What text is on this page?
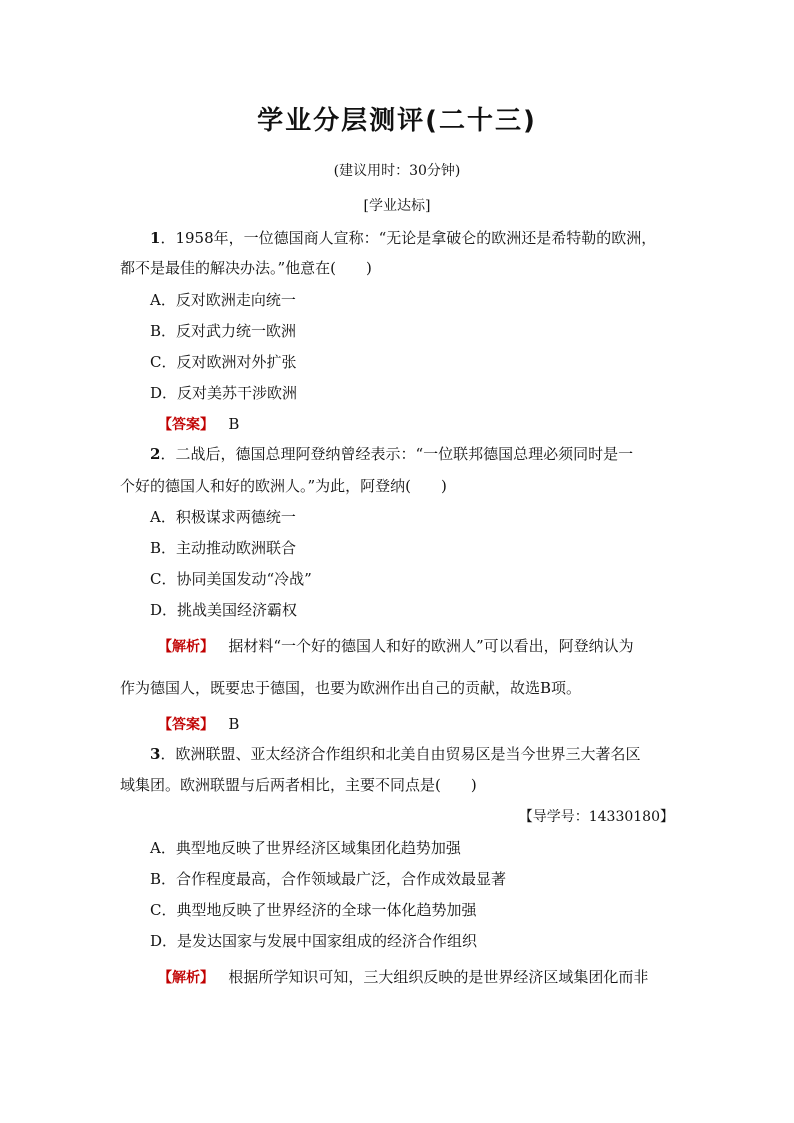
学业分层测评(二十三)
(建议用时：30分钟)
[学业达标]
1．1958年，一位德国商人宣称：“无论是拿破仑的欧洲还是希特勒的欧洲，
都不是最佳的解决办法。”他意在(　　)
A．反对欧洲走向统一
B．反对武力统一欧洲
C．反对欧洲对外扩张
D．反对美苏干涉欧洲
【答案】 B
2．二战后，德国总理阿登纳曾经表示：“一位联邦德国总理必须同时是一
个好的德国人和好的欧洲人。”为此，阿登纳(　　)
A．积极谋求两德统一
B．主动推动欧洲联合
C．协同美国发动“冷战”
D．挑战美国经济霸权
【解析】 据材料“一个好的德国人和好的欧洲人”可以看出，阿登纳认为
作为德国人，既要忠于德国，也要为欧洲作出自己的贡献，故选B项。
【答案】 B
3．欧洲联盟、亚太经济合作组织和北美自由贸易区是当今世界三大著名区
域集团。欧洲联盟与后两者相比，主要不同点是(　　)
【导学号：14330180】
A．典型地反映了世界经济区域集团化趋势加强
B．合作程度最高，合作领域最广泛，合作成效最显著
C．典型地反映了世界经济的全球一体化趋势加强
D．是发达国家与发展中国家组成的经济合作组织
【解析】 根据所学知识可知，三大组织反映的是世界经济区域集团化而非
